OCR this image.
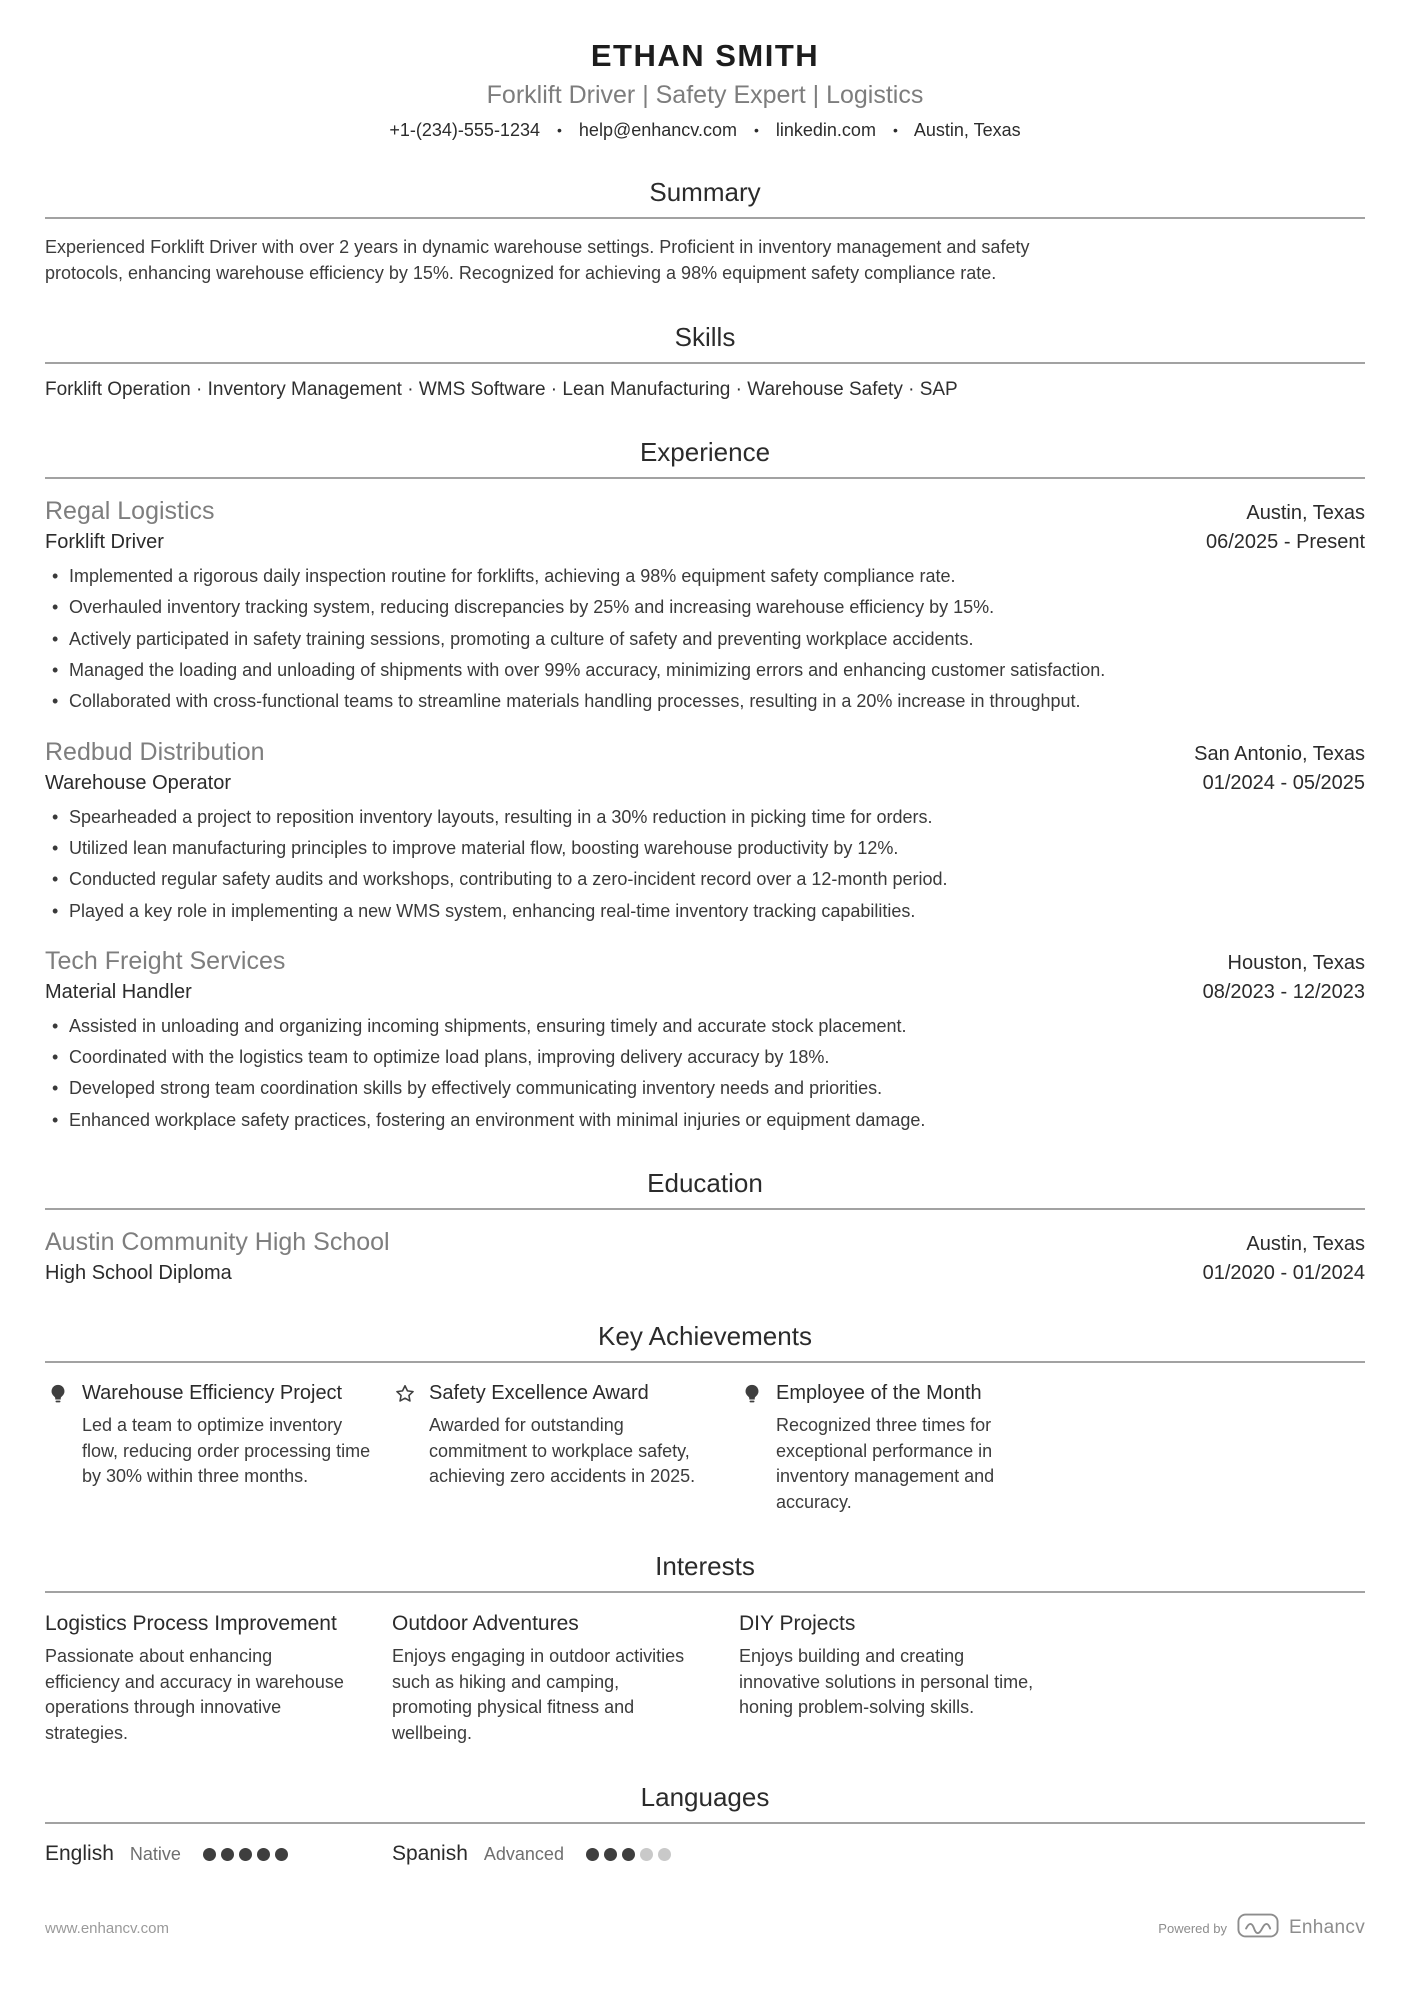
ETHAN SMITH
Forklift Driver | Safety Expert | Logistics
+1-(234)-555-1234 • help@enhancv.com • linkedin.com • Austin, Texas
Summary

Experienced Forklift Driver with over 2 years in dynamic warehouse settings. Proficient in inventory management and safety protocols, enhancing warehouse efficiency by 15%. Recognized for achieving a 98% equipment safety compliance rate.

Skills
Forklift Operation · Inventory Management · WMS Software · Lean Manufacturing · Warehouse Safety · SAP
Experience
Regal Logistics	Austin, Texas
Forklift Driver	06/2025 - Present
• Implemented a rigorous daily inspection routine for forklifts, achieving a 98% equipment safety compliance rate.
• Overhauled inventory tracking system, reducing discrepancies by 25% and increasing warehouse efficiency by 15%.
• Actively participated in safety training sessions, promoting a culture of safety and preventing workplace accidents.
• Managed the loading and unloading of shipments with over 99% accuracy, minimizing errors and enhancing customer satisfaction.
• Collaborated with cross-functional teams to streamline materials handling processes, resulting in a 20% increase in throughput.
Redbud Distribution	San Antonio, Texas
Warehouse Operator	01/2024 - 05/2025
• Spearheaded a project to reposition inventory layouts, resulting in a 30% reduction in picking time for orders.
• Utilized lean manufacturing principles to improve material flow, boosting warehouse productivity by 12%.
• Conducted regular safety audits and workshops, contributing to a zero-incident record over a 12-month period.
• Played a key role in implementing a new WMS system, enhancing real-time inventory tracking capabilities.
Tech Freight Services	Houston, Texas
Material Handler	08/2023 - 12/2023
• Assisted in unloading and organizing incoming shipments, ensuring timely and accurate stock placement.
• Coordinated with the logistics team to optimize load plans, improving delivery accuracy by 18%.
• Developed strong team coordination skills by effectively communicating inventory needs and priorities.
• Enhanced workplace safety practices, fostering an environment with minimal injuries or equipment damage.
Education
Austin Community High School	Austin, Texas
High School Diploma	01/2020 - 01/2024
Key Achievements
Warehouse Efficiency Project
Led a team to optimize inventory flow, reducing order processing time by 30% within three months.
Safety Excellence Award
Awarded for outstanding commitment to workplace safety, achieving zero accidents in 2025.
Employee of the Month
Recognized three times for exceptional performance in inventory management and accuracy.
Interests
Logistics Process Improvement
Passionate about enhancing efficiency and accuracy in warehouse operations through innovative strategies.
Outdoor Adventures
Enjoys engaging in outdoor activities such as hiking and camping, promoting physical fitness and wellbeing.
DIY Projects
Enjoys building and creating innovative solutions in personal time, honing problem-solving skills.
Languages
English Native	Spanish Advanced
www.enhancv.com	Powered by	Enhancv
